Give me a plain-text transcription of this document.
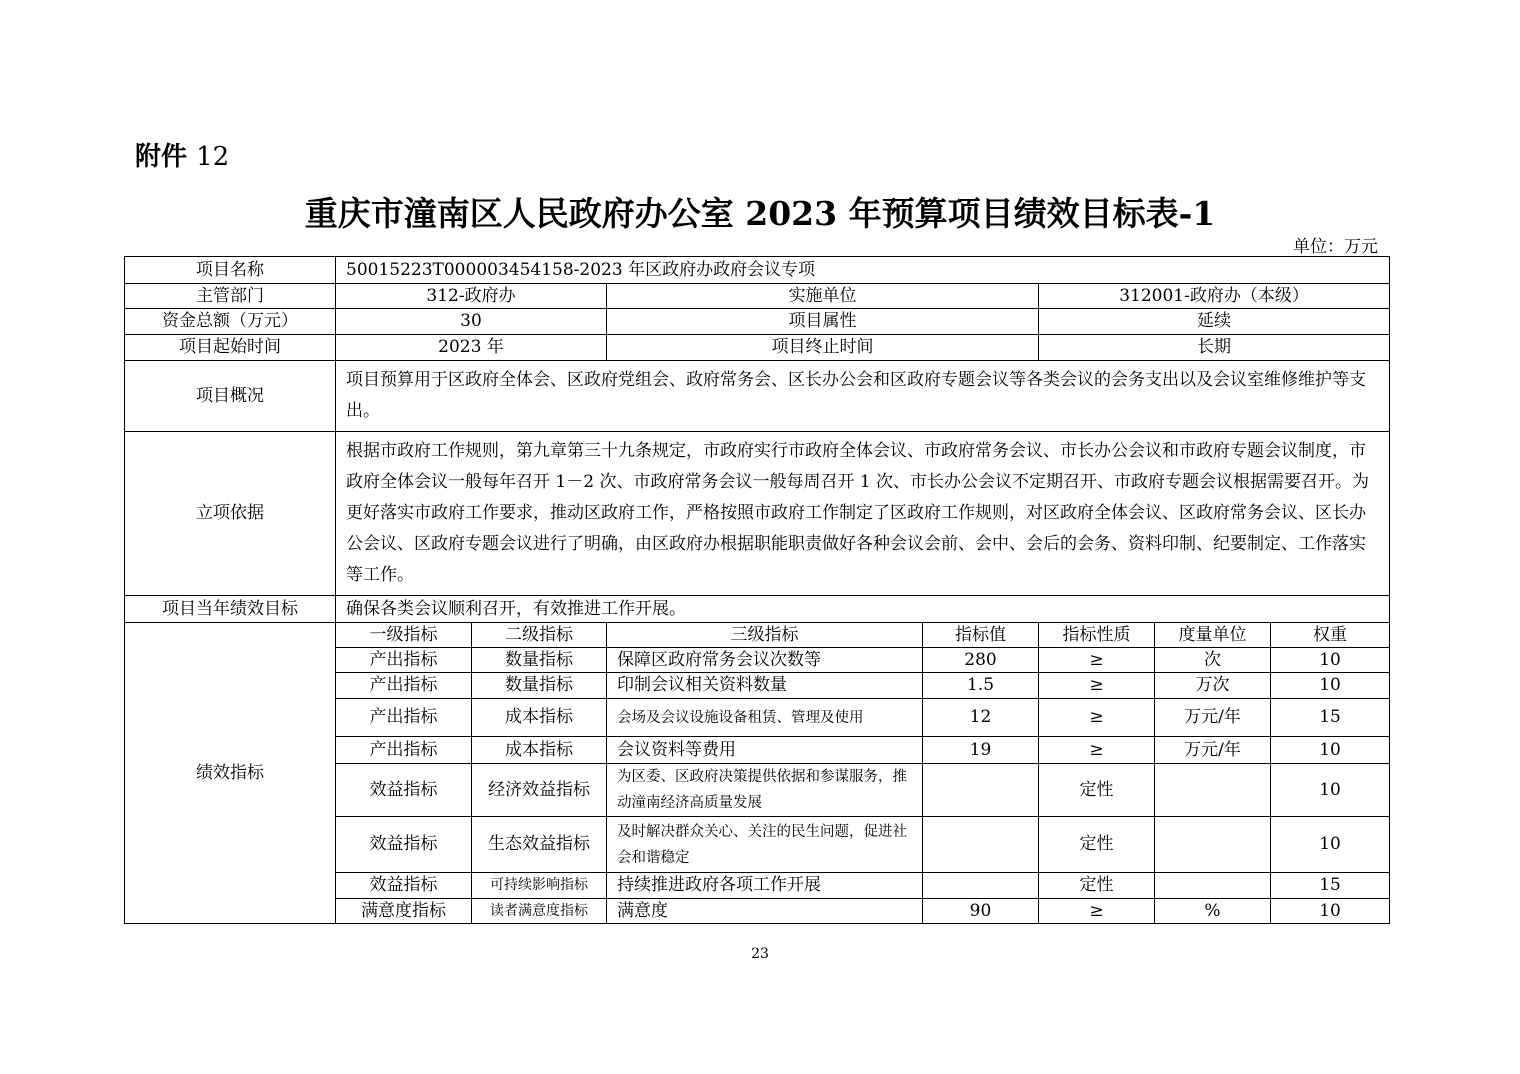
附件 12
重庆市潼南区人民政府办公室 2023 年预算项目绩效目标表-1
单位：万元
项目名称	50015223T000003454158-2023 年区政府办政府会议专项						
主管部门	312-政府办		实施单位		312001-政府办（本级）		
资金总额（万元）	30		项目属性		延续		
项目起始时间	2023 年		项目终止时间		长期		
项目概况	项目预算用于区政府全体会、区政府党组会、政府常务会、区长办公会和区政府专题会议等各类会议的会务支出以及会议室维修维护等支出。						
立项依据	根据市政府工作规则，第九章第三十九条规定，市政府实行市政府全体会议、市政府常务会议、市长办公会议和市政府专题会议制度，市政府全体会议一般每年召开 1－2 次、市政府常务会议一般每周召开 1 次、市长办公会议不定期召开、市政府专题会议根据需要召开。为更好落实市政府工作要求，推动区政府工作，严格按照市政府工作制定了区政府工作规则，对区政府全体会议、区政府常务会议、区长办公会议、区政府专题会议进行了明确，由区政府办根据职能职责做好各种会议会前、会中、会后的会务、资料印制、纪要制定、工作落实等工作。						
项目当年绩效目标	确保各类会议顺利召开，有效推进工作开展。						
绩效指标	一级指标	二级指标	三级指标	指标值	指标性质	度量单位	权重
	产出指标	数量指标	保障区政府常务会议次数等	280	≥	次	10
	产出指标	数量指标	印制会议相关资料数量	1.5	≥	万次	10
	产出指标	成本指标	会场及会议设施设备租赁、管理及使用	12	≥	万元/年	15
	产出指标	成本指标	会议资料等费用	19	≥	万元/年	10
	效益指标	经济效益指标	为区委、区政府决策提供依据和参谋服务，推动潼南经济高质量发展		定性		10
	效益指标	生态效益指标	及时解决群众关心、关注的民生问题，促进社会和谐稳定		定性		10
	效益指标	可持续影响指标	持续推进政府各项工作开展		定性		15
	满意度指标	读者满意度指标	满意度	90	≥	%	10
23
